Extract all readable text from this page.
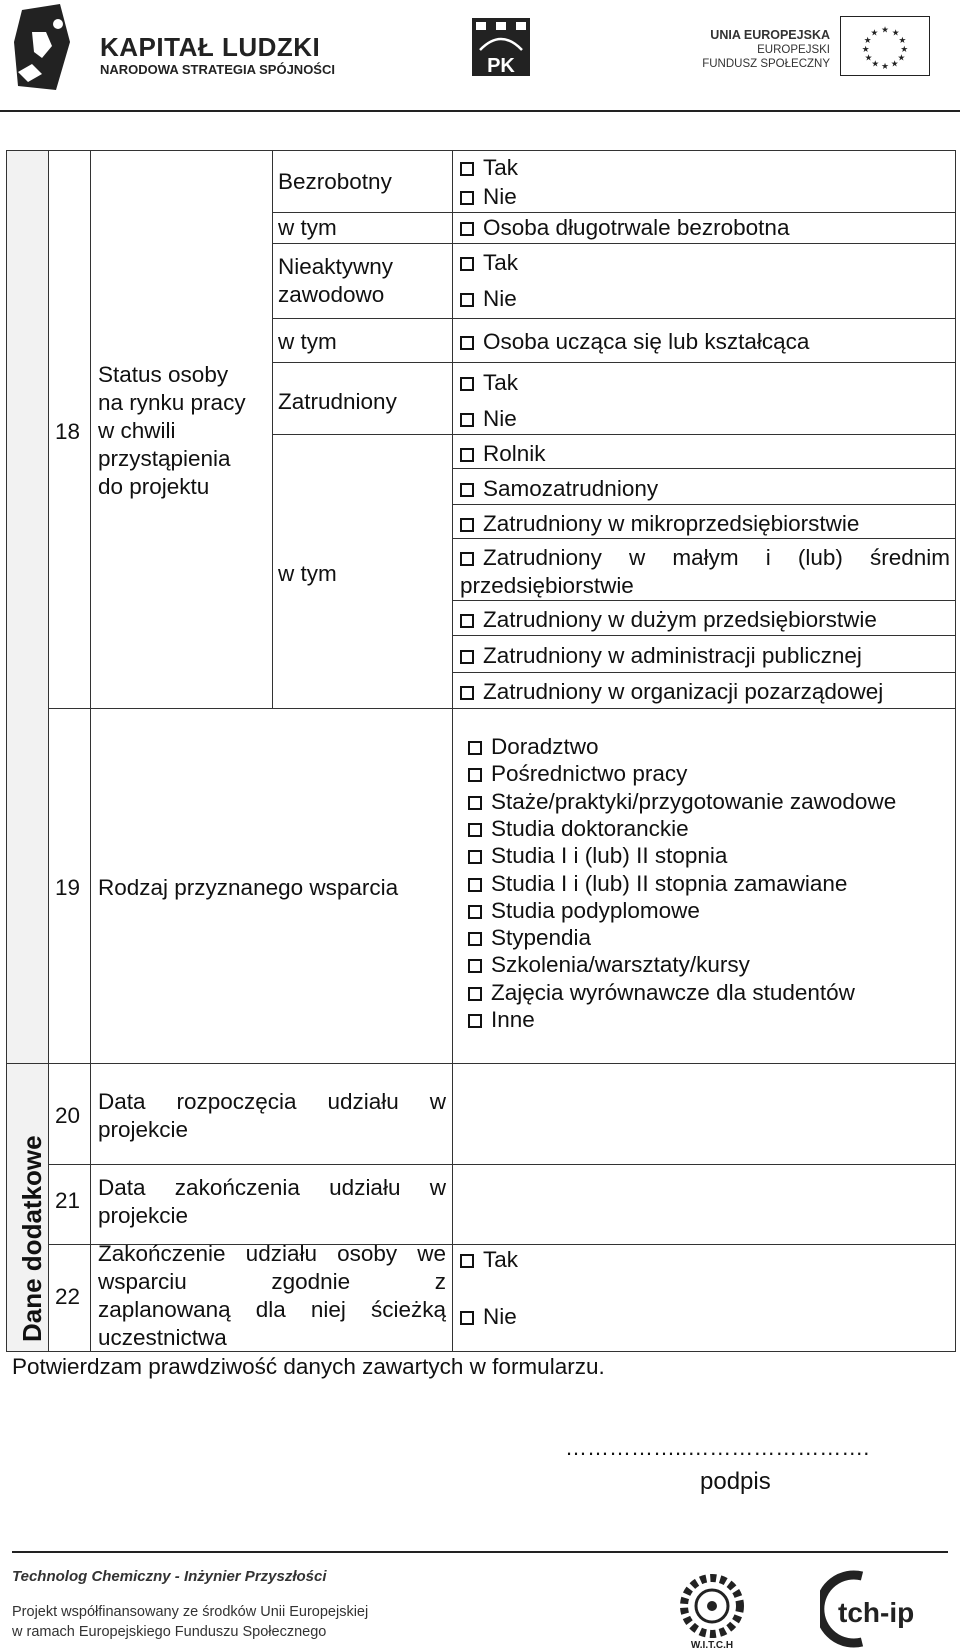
KAPITAŁ LUDZKI
NARODOWA STRATEGIA SPÓJNOŚCI	PK
UNIA EUROPEJSKA
EUROPEJSKI
FUNDUSZ SPOŁECZNY
★ ★
★
★
★
★
★
★
★
★
★
★
Dane dodatkowe
18
Status osoby
na rynku pracy
w chwili
przystąpienia
do projektu
Bezrobotny
w tym
Nieaktywny
zawodowo
w tym
Zatrudniony
w tym
Tak
Nie
Osoba długotrwale bezrobotna
Tak
Nie
Osoba ucząca się lub kształcąca
Tak
Nie
Rolnik
Samozatrudniony
Zatrudniony w mikroprzedsiębiorstwie
Zatrudniony w małym i (lub) średnim
przedsiębiorstwie
Zatrudniony w dużym przedsiębiorstwie
Zatrudniony w administracji publicznej
Zatrudniony w organizacji pozarządowej
19 Rodzaj przyznanego wsparcia
Doradztwo
Pośrednictwo pracy
Staże/praktyki/przygotowanie zawodowe
Studia doktoranckie
Studia I i (lub) II stopnia
Studia I i (lub) II stopnia zamawiane
Studia podyplomowe
Stypendia
Szkolenia/warsztaty/kursy
Zajęcia wyrównawcze dla studentów
Inne
20
Data rozpoczęcia udziału w
projekcie
21
Data zakończenia udziału w
projekcie
22
Zakończenie udziału osoby we
wsparciu zgodnie z
zaplanowaną dla niej ścieżką
uczestnictwa
Tak
Nie
Potwierdzam prawdziwość danych zawartych w formularzu.
……………..…………………….
podpis
Technolog Chemiczny - Inżynier Przyszłości
Projekt współfinansowany ze środków Unii Europejskiej
w ramach Europejskiego Funduszu Społecznego
W.I.T.C.H
tch-ip
